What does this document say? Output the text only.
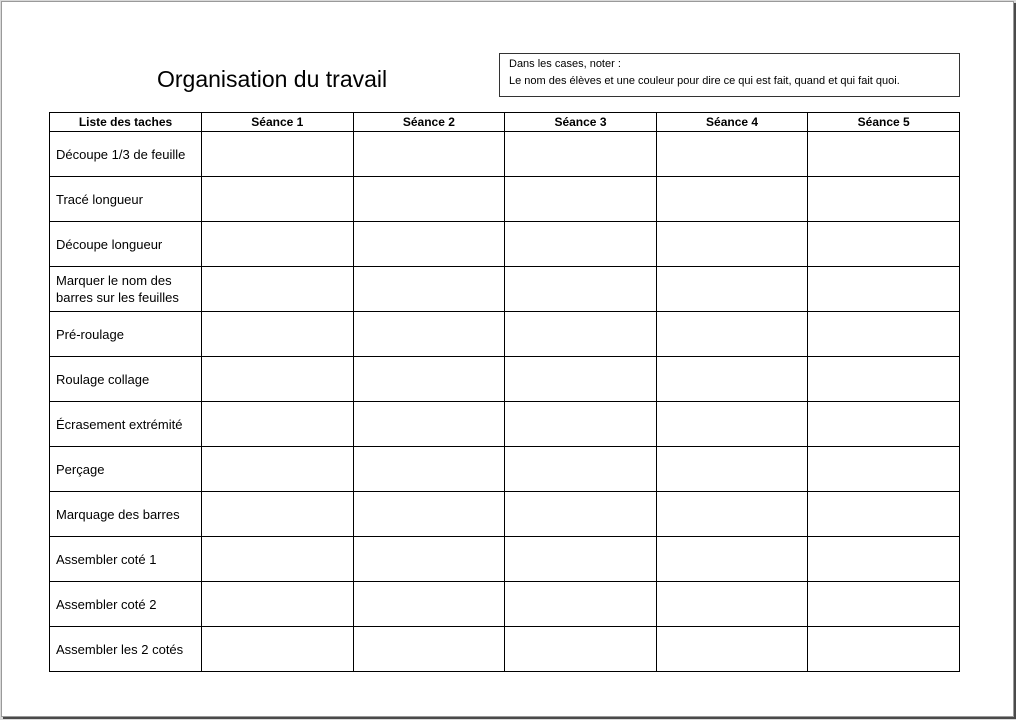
Organisation du travail
Dans les cases, noter :
Le nom des élèves et une couleur pour dire ce qui est fait, quand et qui fait quoi.
Liste des taches	Séance 1	Séance 2	Séance 3	Séance 4	Séance 5

Découpe 1/3 de feuille					

Tracé longueur					

Découpe longueur					

Marquer le nom des
barres sur les feuilles					

Pré-roulage					

Roulage collage					

Écrasement extrémité					

Perçage					

Marquage des barres					

Assembler coté 1					

Assembler coté 2					

Assembler les 2 cotés					
